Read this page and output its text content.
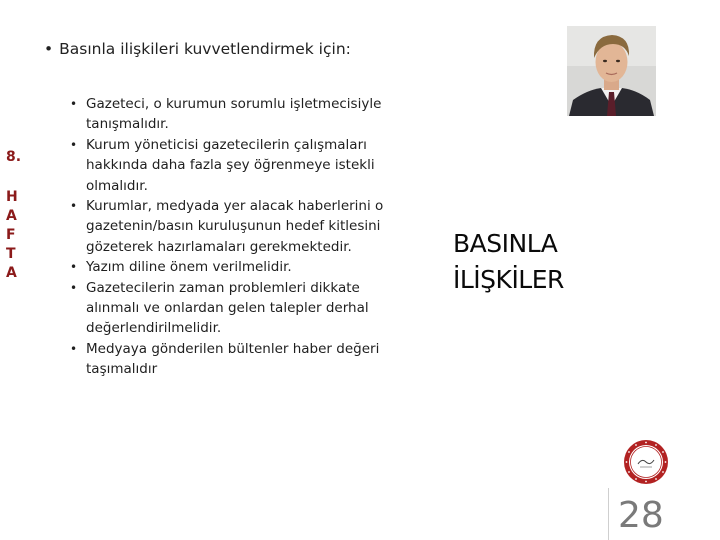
8.
H
A
F
T
A
• Basınla ilişkileri kuvvetlendirmek için:
• Gazeteci, o kurumun sorumlu işletmecisiyle tanışmalıdır.
• Kurum yöneticisi gazetecilerin çalışmaları hakkında daha fazla şey öğrenmeye istekli olmalıdır.
• Kurumlar, medyada yer alacak haberlerini o gazetenin/basın kuruluşunun hedef kitlesini gözeterek hazırlamaları gerekmektedir.
• Yazım diline önem verilmelidir.
• Gazetecilerin zaman problemleri dikkate alınmalı ve onlardan gelen talepler derhal değerlendirilmelidir.
• Medyaya gönderilen bültenler haber değeri taşımalıdır
BASINLA
İLİŞKİLER
28
